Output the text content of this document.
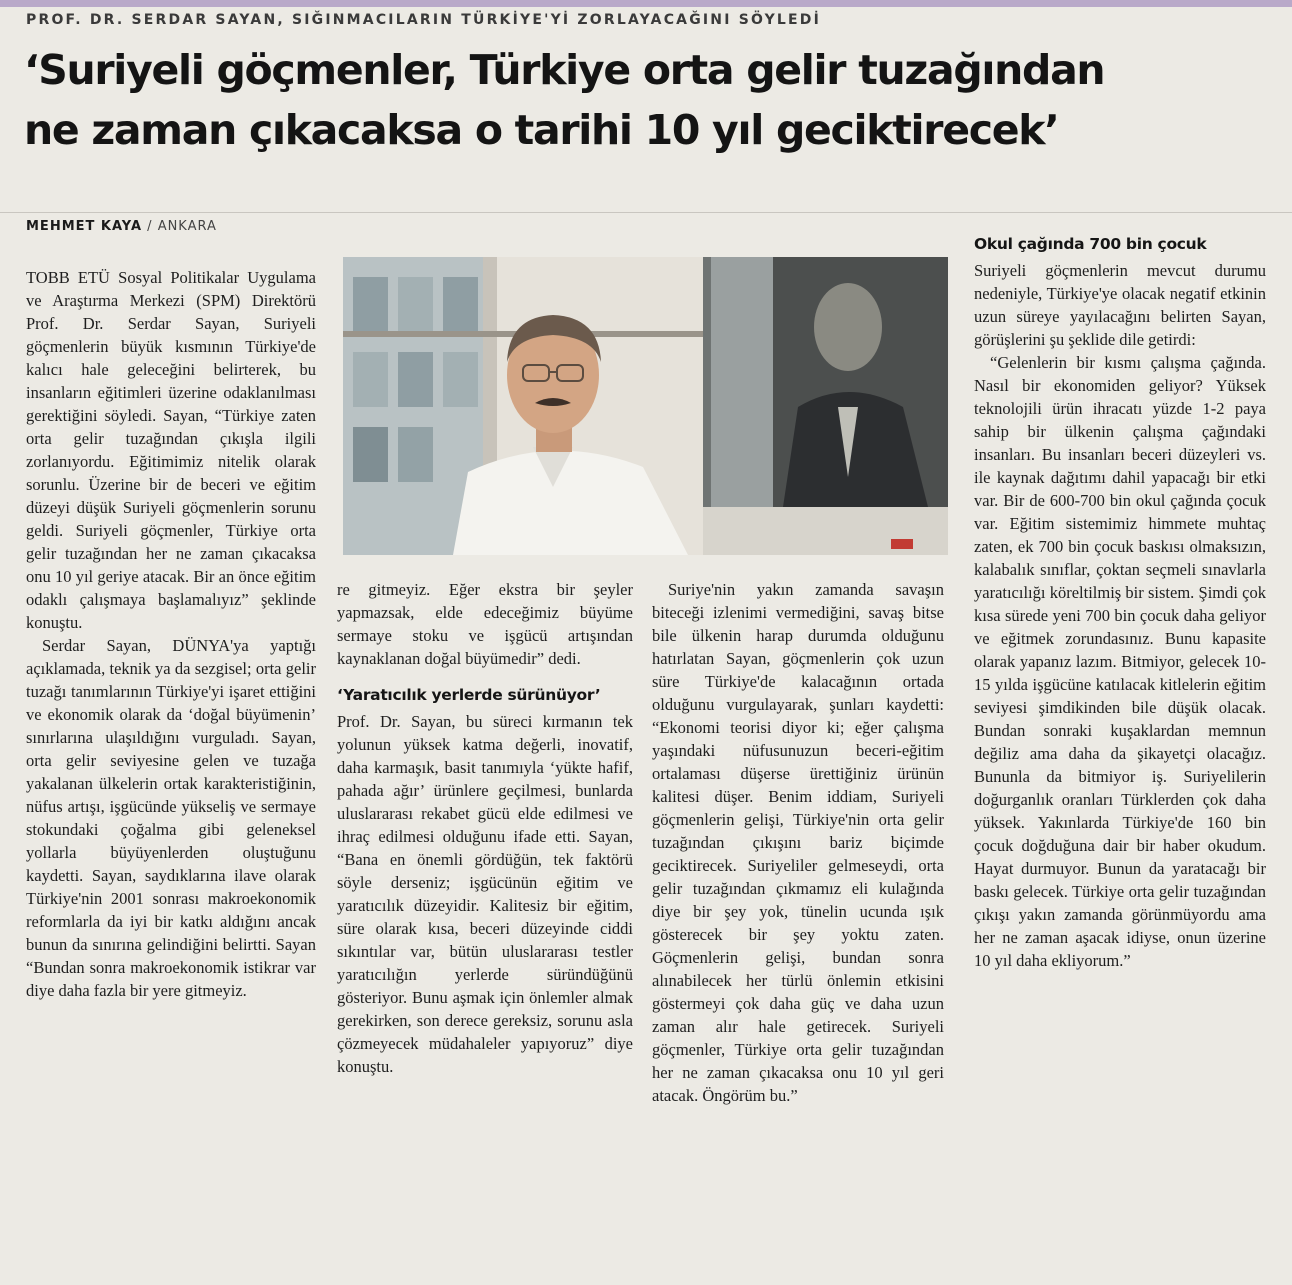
PROF. DR. SERDAR SAYAN, SIĞINMACILARIN TÜRKİYE'Yİ ZORLAYACAĞINI SÖYLEDİ
‘Suriyeli göçmenler, Türkiye orta gelir tuzağından
ne zaman çıkacaksa o tarihi 10 yıl geciktirecek’
MEHMET KAYA / ANKARA

TOBB ETÜ Sosyal Politikalar Uygulama ve Araştırma Merkezi (SPM) Direktörü Prof. Dr. Serdar Sayan, Suriyeli göçmenlerin büyük kısmının Türkiye'de kalıcı hale geleceğini belirterek, bu insanların eğitimleri üzerine odaklanılması gerektiğini söyledi. Sayan, “Türkiye zaten orta gelir tuzağından çıkışla ilgili zorlanıyordu. Eğitimimiz nitelik olarak sorunlu. Üzerine bir de beceri ve eğitim düzeyi düşük Suriyeli göçmenlerin sorunu geldi. Suriyeli göçmenler, Türkiye orta gelir tuzağından her ne zaman çıkacaksa onu 10 yıl geriye atacak. Bir an önce eğitim odaklı çalışmaya başlamalıyız” şeklinde konuştu.

Serdar Sayan, DÜNYA'ya yaptığı açıklamada, teknik ya da sezgisel; orta gelir tuzağı tanımlarının Türkiye'yi işaret ettiğini ve ekonomik olarak da ‘doğal büyümenin’ sınırlarına ulaşıldığını vurguladı. Sayan, orta gelir seviyesine gelen ve tuzağa yakalanan ülkelerin ortak karakteristiğinin, nüfus artışı, işgücünde yükseliş ve sermaye stokundaki çoğalma gibi geleneksel yollarla büyüyenlerden oluştuğunu kaydetti. Sayan, saydıklarına ilave olarak Türkiye'nin 2001 sonrası makroekonomik reformlarla da iyi bir katkı aldığını ancak bunun da sınırına gelindiğini belirtti. Sayan “Bundan sonra makroekonomik istikrar var diye daha fazla bir yere gitmeyiz.

re gitmeyiz. Eğer ekstra bir şeyler yapmazsak, elde edeceğimiz büyüme sermaye stoku ve işgücü artışından kaynaklanan doğal büyümedir” dedi.

‘Yaratıcılık yerlerde sürünüyor’

Prof. Dr. Sayan, bu süreci kırmanın tek yolunun yüksek katma değerli, inovatif, daha karmaşık, basit tanımıyla ‘yükte hafif, pahada ağır’ ürünlere geçilmesi, bunlarda uluslararası rekabet gücü elde edilmesi ve ihraç edilmesi olduğunu ifade etti. Sayan, “Bana en önemli gördüğün, tek faktörü söyle derseniz; işgücünün eğitim ve yaratıcılık düzeyidir. Kalitesiz bir eğitim, süre olarak kısa, beceri düzeyinde ciddi sıkıntılar var, bütün uluslararası testler yaratıcılığın yerlerde süründüğünü gösteriyor. Bunu aşmak için önlemler almak gerekirken, son derece gereksiz, sorunu asla çözmeyecek müdahaleler yapıyoruz” diye konuştu.

Suriye'nin yakın zamanda savaşın biteceği izlenimi vermediğini, savaş bitse bile ülkenin harap durumda olduğunu hatırlatan Sayan, göçmenlerin çok uzun süre Türkiye'de kalacağının ortada olduğunu vurgulayarak, şunları kaydetti: “Ekonomi teorisi diyor ki; eğer çalışma yaşındaki nüfusunuzun beceri-eğitim ortalaması düşerse ürettiğiniz ürünün kalitesi düşer. Benim iddiam, Suriyeli göçmenlerin gelişi, Türkiye'nin orta gelir tuzağından çıkışını bariz biçimde geciktirecek. Suriyeliler gelmeseydi, orta gelir tuzağından çıkmamız eli kulağında diye bir şey yok, tünelin ucunda ışık gösterecek bir şey yoktu zaten. Göçmenlerin gelişi, bundan sonra alınabilecek her türlü önlemin etkisini göstermeyi çok daha güç ve daha uzun zaman alır hale getirecek. Suriyeli göçmenler, Türkiye orta gelir tuzağından her ne zaman çıkacaksa onu 10 yıl geri atacak. Öngörüm bu.”

Okul çağında 700 bin çocuk

Suriyeli göçmenlerin mevcut durumu nedeniyle, Türkiye'ye olacak negatif etkinin uzun süreye yayılacağını belirten Sayan, görüşlerini şu şeklide dile getirdi:

“Gelenlerin bir kısmı çalışma çağında. Nasıl bir ekonomiden geliyor? Yüksek teknolojili ürün ihracatı yüzde 1-2 paya sahip bir ülkenin çalışma çağındaki insanları. Bu insanları beceri düzeyleri vs. ile kaynak dağıtımı dahil yapacağı bir etki var. Bir de 600-700 bin okul çağında çocuk var. Eğitim sistemimiz himmete muhtaç zaten, ek 700 bin çocuk baskısı olmaksızın, kalabalık sınıflar, çoktan seçmeli sınavlarla yaratıcılığı köreltilmiş bir sistem. Şimdi çok kısa sürede yeni 700 bin çocuk daha geliyor ve eğitmek zorundasınız. Bunu kapasite olarak yapanız lazım. Bitmiyor, gelecek 10-15 yılda işgücüne katılacak kitlelerin eğitim seviyesi şimdikinden bile düşük olacak. Bundan sonraki kuşaklardan memnun değiliz ama daha da şikayetçi olacağız. Bununla da bitmiyor iş. Suriyelilerin doğurganlık oranları Türklerden çok daha yüksek. Yakınlarda Türkiye'de 160 bin çocuk doğduğuna dair bir haber okudum. Hayat durmuyor. Bunun da yaratacağı bir baskı gelecek. Türkiye orta gelir tuzağından çıkışı yakın zamanda görünmüyordu ama her ne zaman aşacak idiyse, onun üzerine 10 yıl daha ekliyorum.”
